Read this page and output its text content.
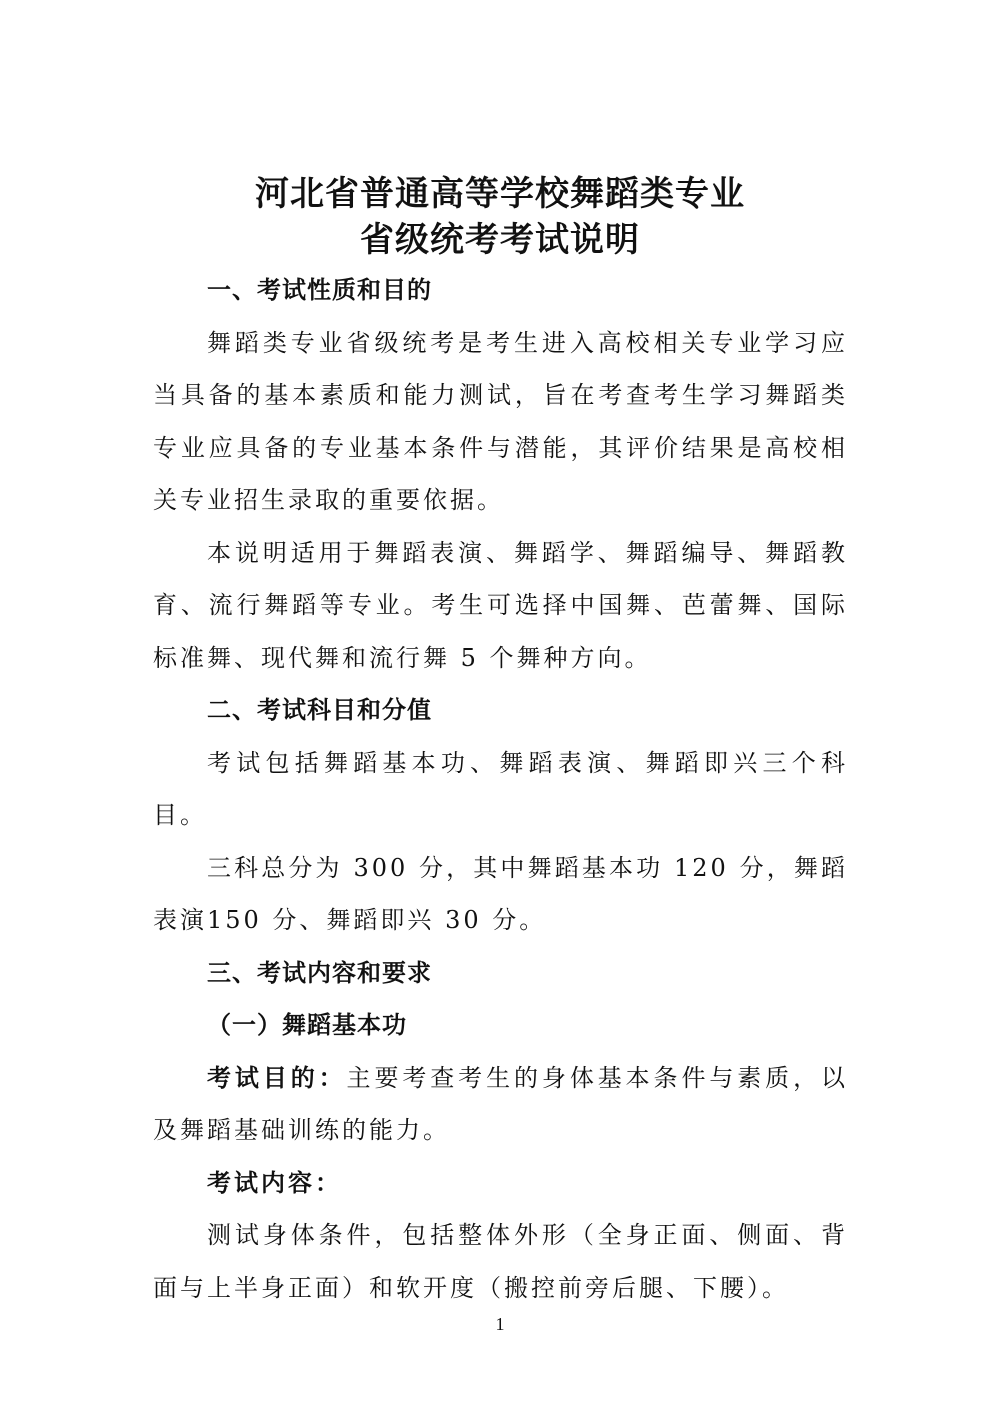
河北省普通高等学校舞蹈类专业
省级统考考试说明

一、考试性质和目的

舞蹈类专业省级统考是考生进入高校相关专业学习应当具备的基本素质和能力测试，旨在考查考生学习舞蹈类专业应具备的专业基本条件与潜能，其评价结果是高校相关专业招生录取的重要依据。

本说明适用于舞蹈表演、舞蹈学、舞蹈编导、舞蹈教育、流行舞蹈等专业。考生可选择中国舞、芭蕾舞、国际标准舞、现代舞和流行舞 5 个舞种方向。

二、考试科目和分值

考试包括舞蹈基本功、舞蹈表演、舞蹈即兴三个科目。

三科总分为 300 分，其中舞蹈基本功 120 分，舞蹈表演150 分、舞蹈即兴 30 分。

三、考试内容和要求

（一）舞蹈基本功

考试目的：主要考查考生的身体基本条件与素质，以及舞蹈基础训练的能力。

考试内容：

测试身体条件，包括整体外形（全身正面、侧面、背面与上半身正面）和软开度（搬控前旁后腿、下腰）。

1
